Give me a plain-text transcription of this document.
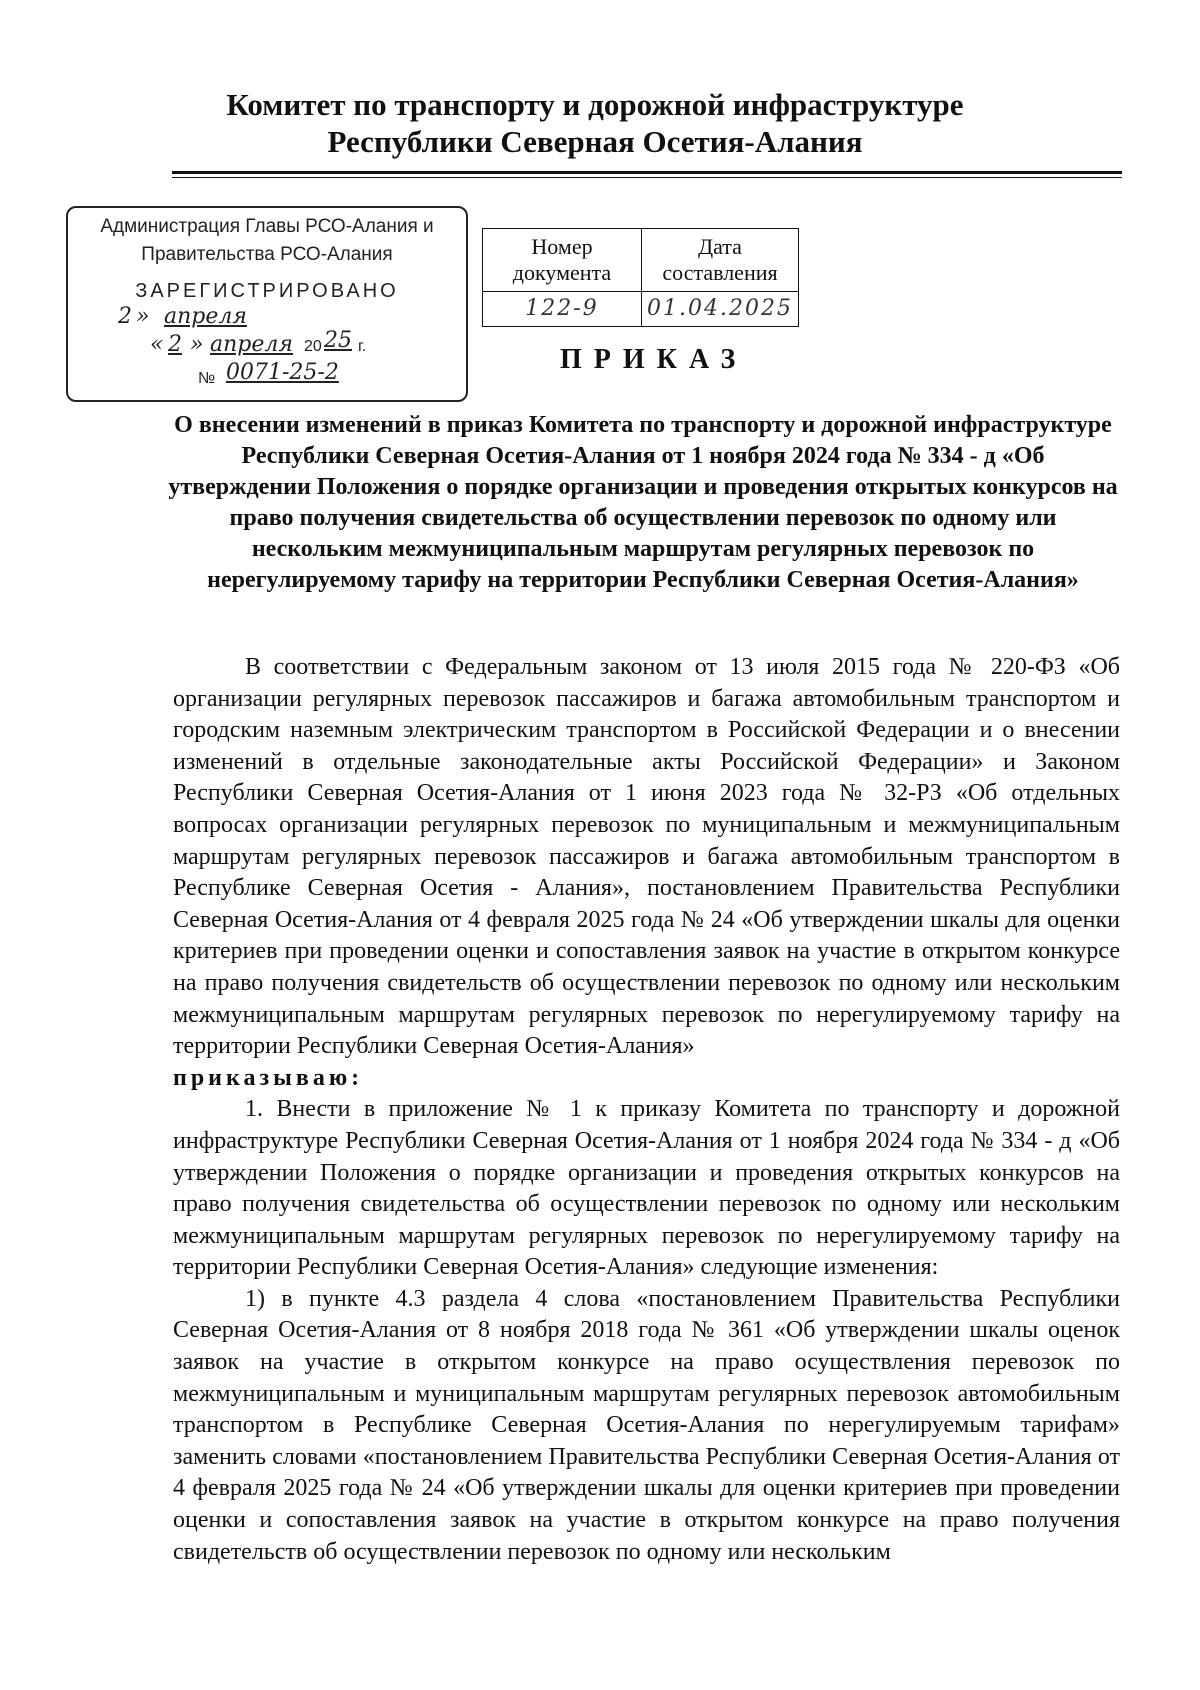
Комитет по транспорту и дорожной инфраструктуре
Республики Северная Осетия-Алания
Администрация Главы РСО-Алания и
Правительства РСО-Алания
ЗАРЕГИСТРИРОВАНО
2 » апреля
« 2 » апреля 20 25 г.
№ 0071-25-2
Номер документа	Дата составления
122-9	01.04.2025
ПРИКАЗ
О внесении изменений в приказ Комитета по транспорту и дорожной инфраструктуре Республики Северная Осетия-Алания от 1 ноября 2024 года № 334 - д «Об утверждении Положения о порядке организации и проведения открытых конкурсов на право получения свидетельства об осуществлении перевозок по одному или нескольким межмуниципальным маршрутам регулярных перевозок по нерегулируемому тарифу на территории Республики Северная Осетия-Алания»

В соответствии с Федеральным законом от 13 июля 2015 года № 220-ФЗ «Об организации регулярных перевозок пассажиров и багажа автомобильным транспортом и городским наземным электрическим транспортом в Российской Федерации и о внесении изменений в отдельные законодательные акты Российской Федерации» и Законом Республики Северная Осетия-Алания от 1 июня 2023 года № 32-РЗ «Об отдельных вопросах организации регулярных перевозок по муниципальным и межмуниципальным маршрутам регулярных перевозок пассажиров и багажа автомобильным транспортом в Республике Северная Осетия - Алания», постановлением Правительства Республики Северная Осетия-Алания от 4 февраля 2025 года № 24 «Об утверждении шкалы для оценки критериев при проведении оценки и сопоставления заявок на участие в открытом конкурсе на право получения свидетельств об осуществлении перевозок по одному или нескольким межмуниципальным маршрутам регулярных перевозок по нерегулируемому тарифу на территории Республики Северная Осетия-Алания»

приказываю:

1. Внести в приложение № 1 к приказу Комитета по транспорту и дорожной инфраструктуре Республики Северная Осетия-Алания от 1 ноября 2024 года № 334 - д «Об утверждении Положения о порядке организации и проведения открытых конкурсов на право получения свидетельства об осуществлении перевозок по одному или нескольким межмуниципальным маршрутам регулярных перевозок по нерегулируемому тарифу на территории Республики Северная Осетия-Алания» следующие изменения:

1) в пункте 4.3 раздела 4 слова «постановлением Правительства Республики Северная Осетия-Алания от 8 ноября 2018 года № 361 «Об утверждении шкалы оценок заявок на участие в открытом конкурсе на право осуществления перевозок по межмуниципальным и муниципальным маршрутам регулярных перевозок автомобильным транспортом в Республике Северная Осетия-Алания по нерегулируемым тарифам» заменить словами «постановлением Правительства Республики Северная Осетия-Алания от 4 февраля 2025 года № 24 «Об утверждении шкалы для оценки критериев при проведении оценки и сопоставления заявок на участие в открытом конкурсе на право получения свидетельств об осуществлении перевозок по одному или нескольким
